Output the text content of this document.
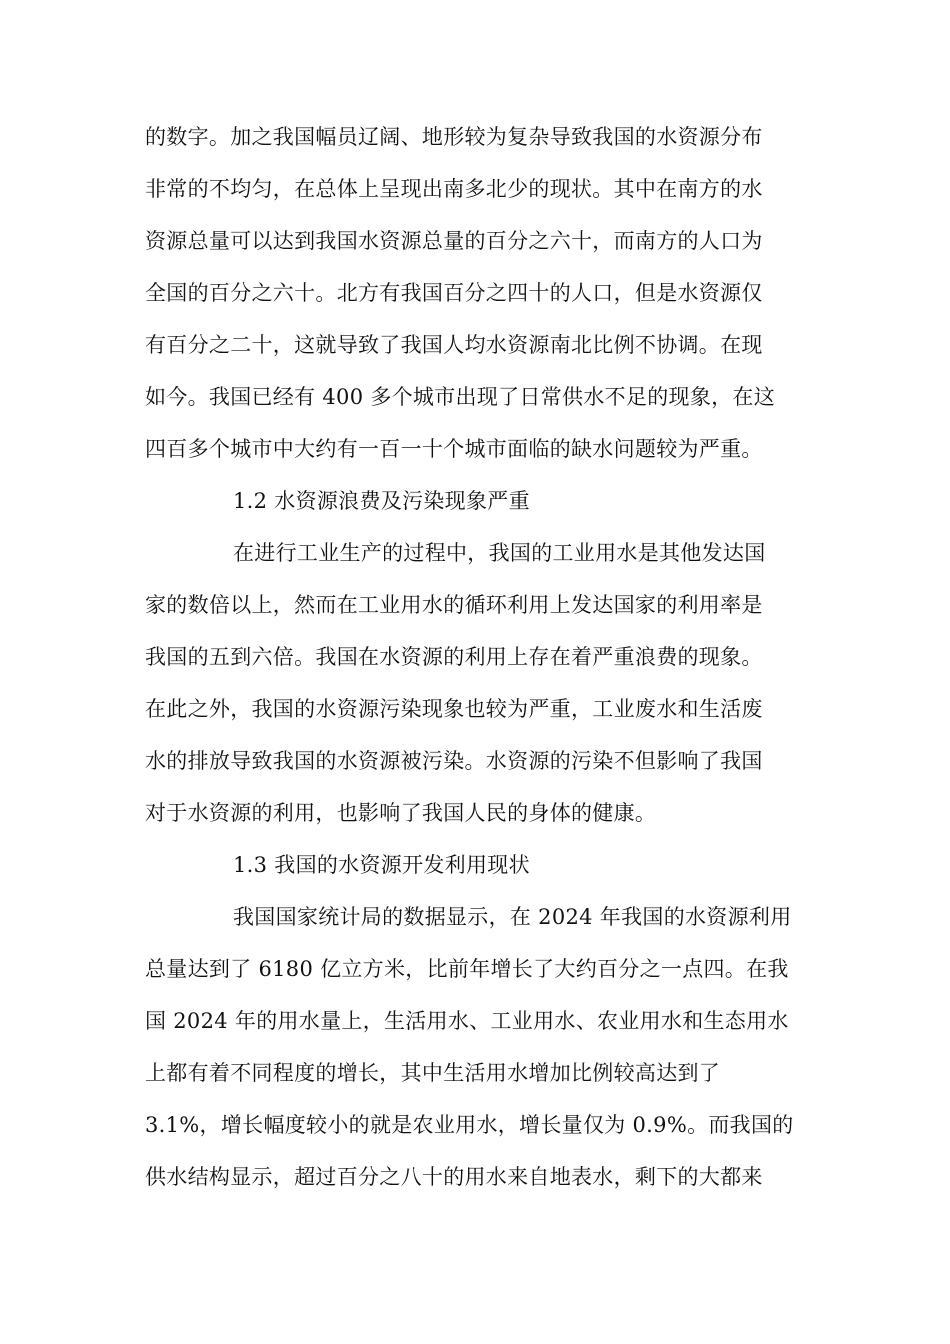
的数字。加之我国幅员辽阔、地形较为复杂导致我国的水资源分布
非常的不均匀，在总体上呈现出南多北少的现状。其中在南方的水
资源总量可以达到我国水资源总量的百分之六十，而南方的人口为
全国的百分之六十。北方有我国百分之四十的人口，但是水资源仅
有百分之二十，这就导致了我国人均水资源南北比例不协调。在现
如今。我国已经有 400 多个城市出现了日常供水不足的现象，在这
四百多个城市中大约有一百一十个城市面临的缺水问题较为严重。
1.2 水资源浪费及污染现象严重
在进行工业生产的过程中，我国的工业用水是其他发达国
家的数倍以上，然而在工业用水的循环利用上发达国家的利用率是
我国的五到六倍。我国在水资源的利用上存在着严重浪费的现象。
在此之外，我国的水资源污染现象也较为严重，工业废水和生活废
水的排放导致我国的水资源被污染。水资源的污染不但影响了我国
对于水资源的利用，也影响了我国人民的身体的健康。
1.3 我国的水资源开发利用现状
我国国家统计局的数据显示，在 2024 年我国的水资源利用
总量达到了 6180 亿立方米，比前年增长了大约百分之一点四。在我
国 2024 年的用水量上，生活用水、工业用水、农业用水和生态用水
上都有着不同程度的增长，其中生活用水增加比例较高达到了
3.1%，增长幅度较小的就是农业用水，增长量仅为 0.9%。而我国的
供水结构显示，超过百分之八十的用水来自地表水，剩下的大都来
